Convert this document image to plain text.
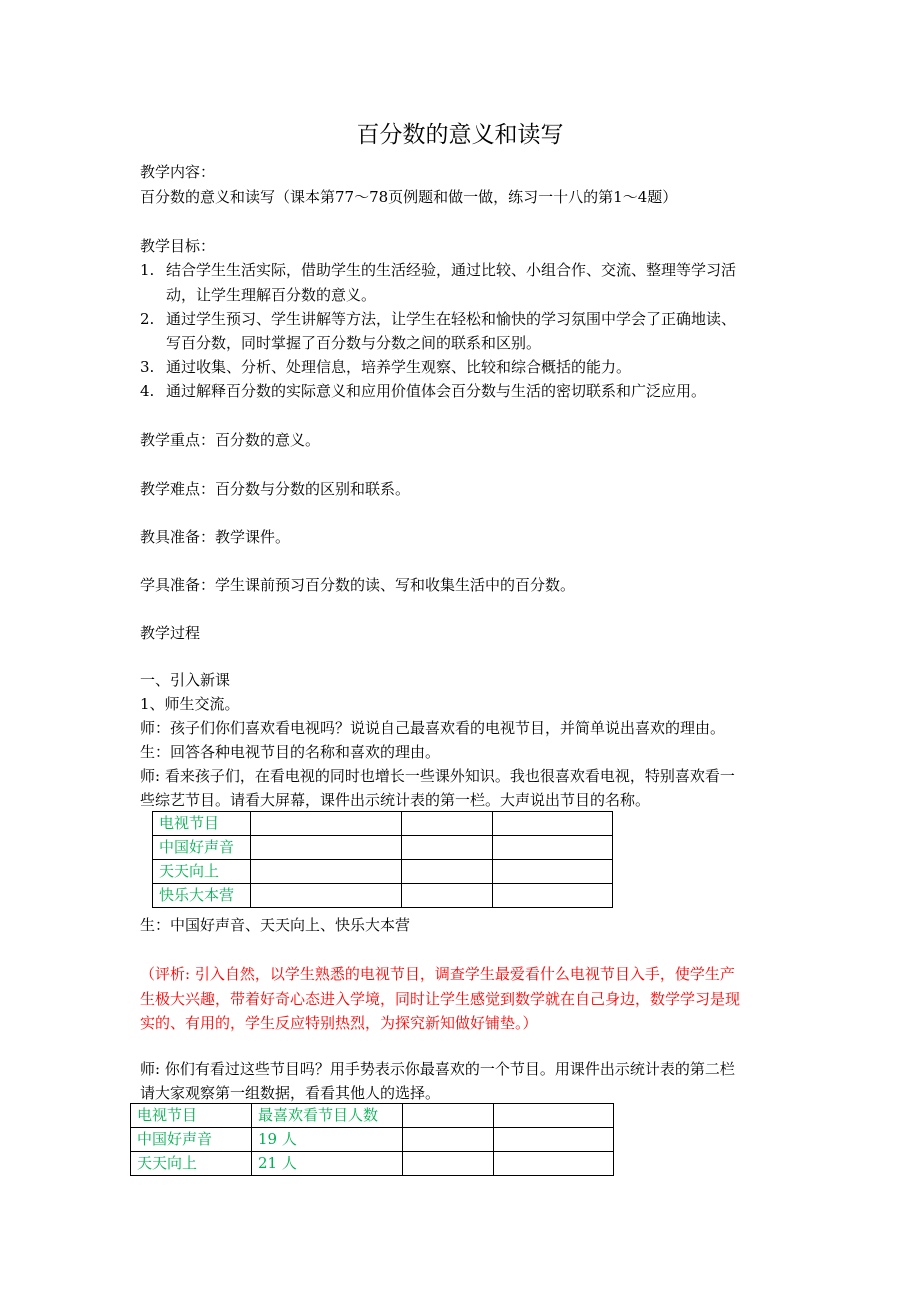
百分数的意义和读写
教学内容：
百分数的意义和读写（课本第77～78页例题和做一做，练习一十八的第1～4题）
教学目标：
1. 结合学生生活实际，借助学生的生活经验，通过比较、小组合作、交流、整理等学习活
动，让学生理解百分数的意义。
2. 通过学生预习、学生讲解等方法，让学生在轻松和愉快的学习氛围中学会了正确地读、
写百分数，同时掌握了百分数与分数之间的联系和区别。
3. 通过收集、分析、处理信息，培养学生观察、比较和综合概括的能力。
4. 通过解释百分数的实际意义和应用价值体会百分数与生活的密切联系和广泛应用。
教学重点：百分数的意义。
教学难点：百分数与分数的区别和联系。
教具准备：教学课件。
学具准备：学生课前预习百分数的读、写和收集生活中的百分数。
教学过程
一、引入新课
1、师生交流。
师：孩子们你们喜欢看电视吗？说说自己最喜欢看的电视节目，并简单说出喜欢的理由。
生：回答各种电视节目的名称和喜欢的理由。
师: 看来孩子们，在看电视的同时也增长一些课外知识。我也很喜欢看电视，特别喜欢看一
些综艺节目。请看大屏幕，课件出示统计表的第一栏。大声说出节目的名称。
电视节目			
中国好声音			
天天向上			
快乐大本营			
生：中国好声音、天天向上、快乐大本营
（评析: 引入自然，以学生熟悉的电视节目，调查学生最爱看什么电视节目入手，使学生产
生极大兴趣，带着好奇心态进入学境，同时让学生感觉到数学就在自己身边，数学学习是现
实的、有用的，学生反应特别热烈，为探究新知做好铺垫。）
师: 你们有看过这些节目吗？用手势表示你最喜欢的一个节目。用课件出示统计表的第二栏
请大家观察第一组数据，看看其他人的选择。
电视节目	最喜欢看节目人数		
中国好声音	19 人		
天天向上	21 人		
